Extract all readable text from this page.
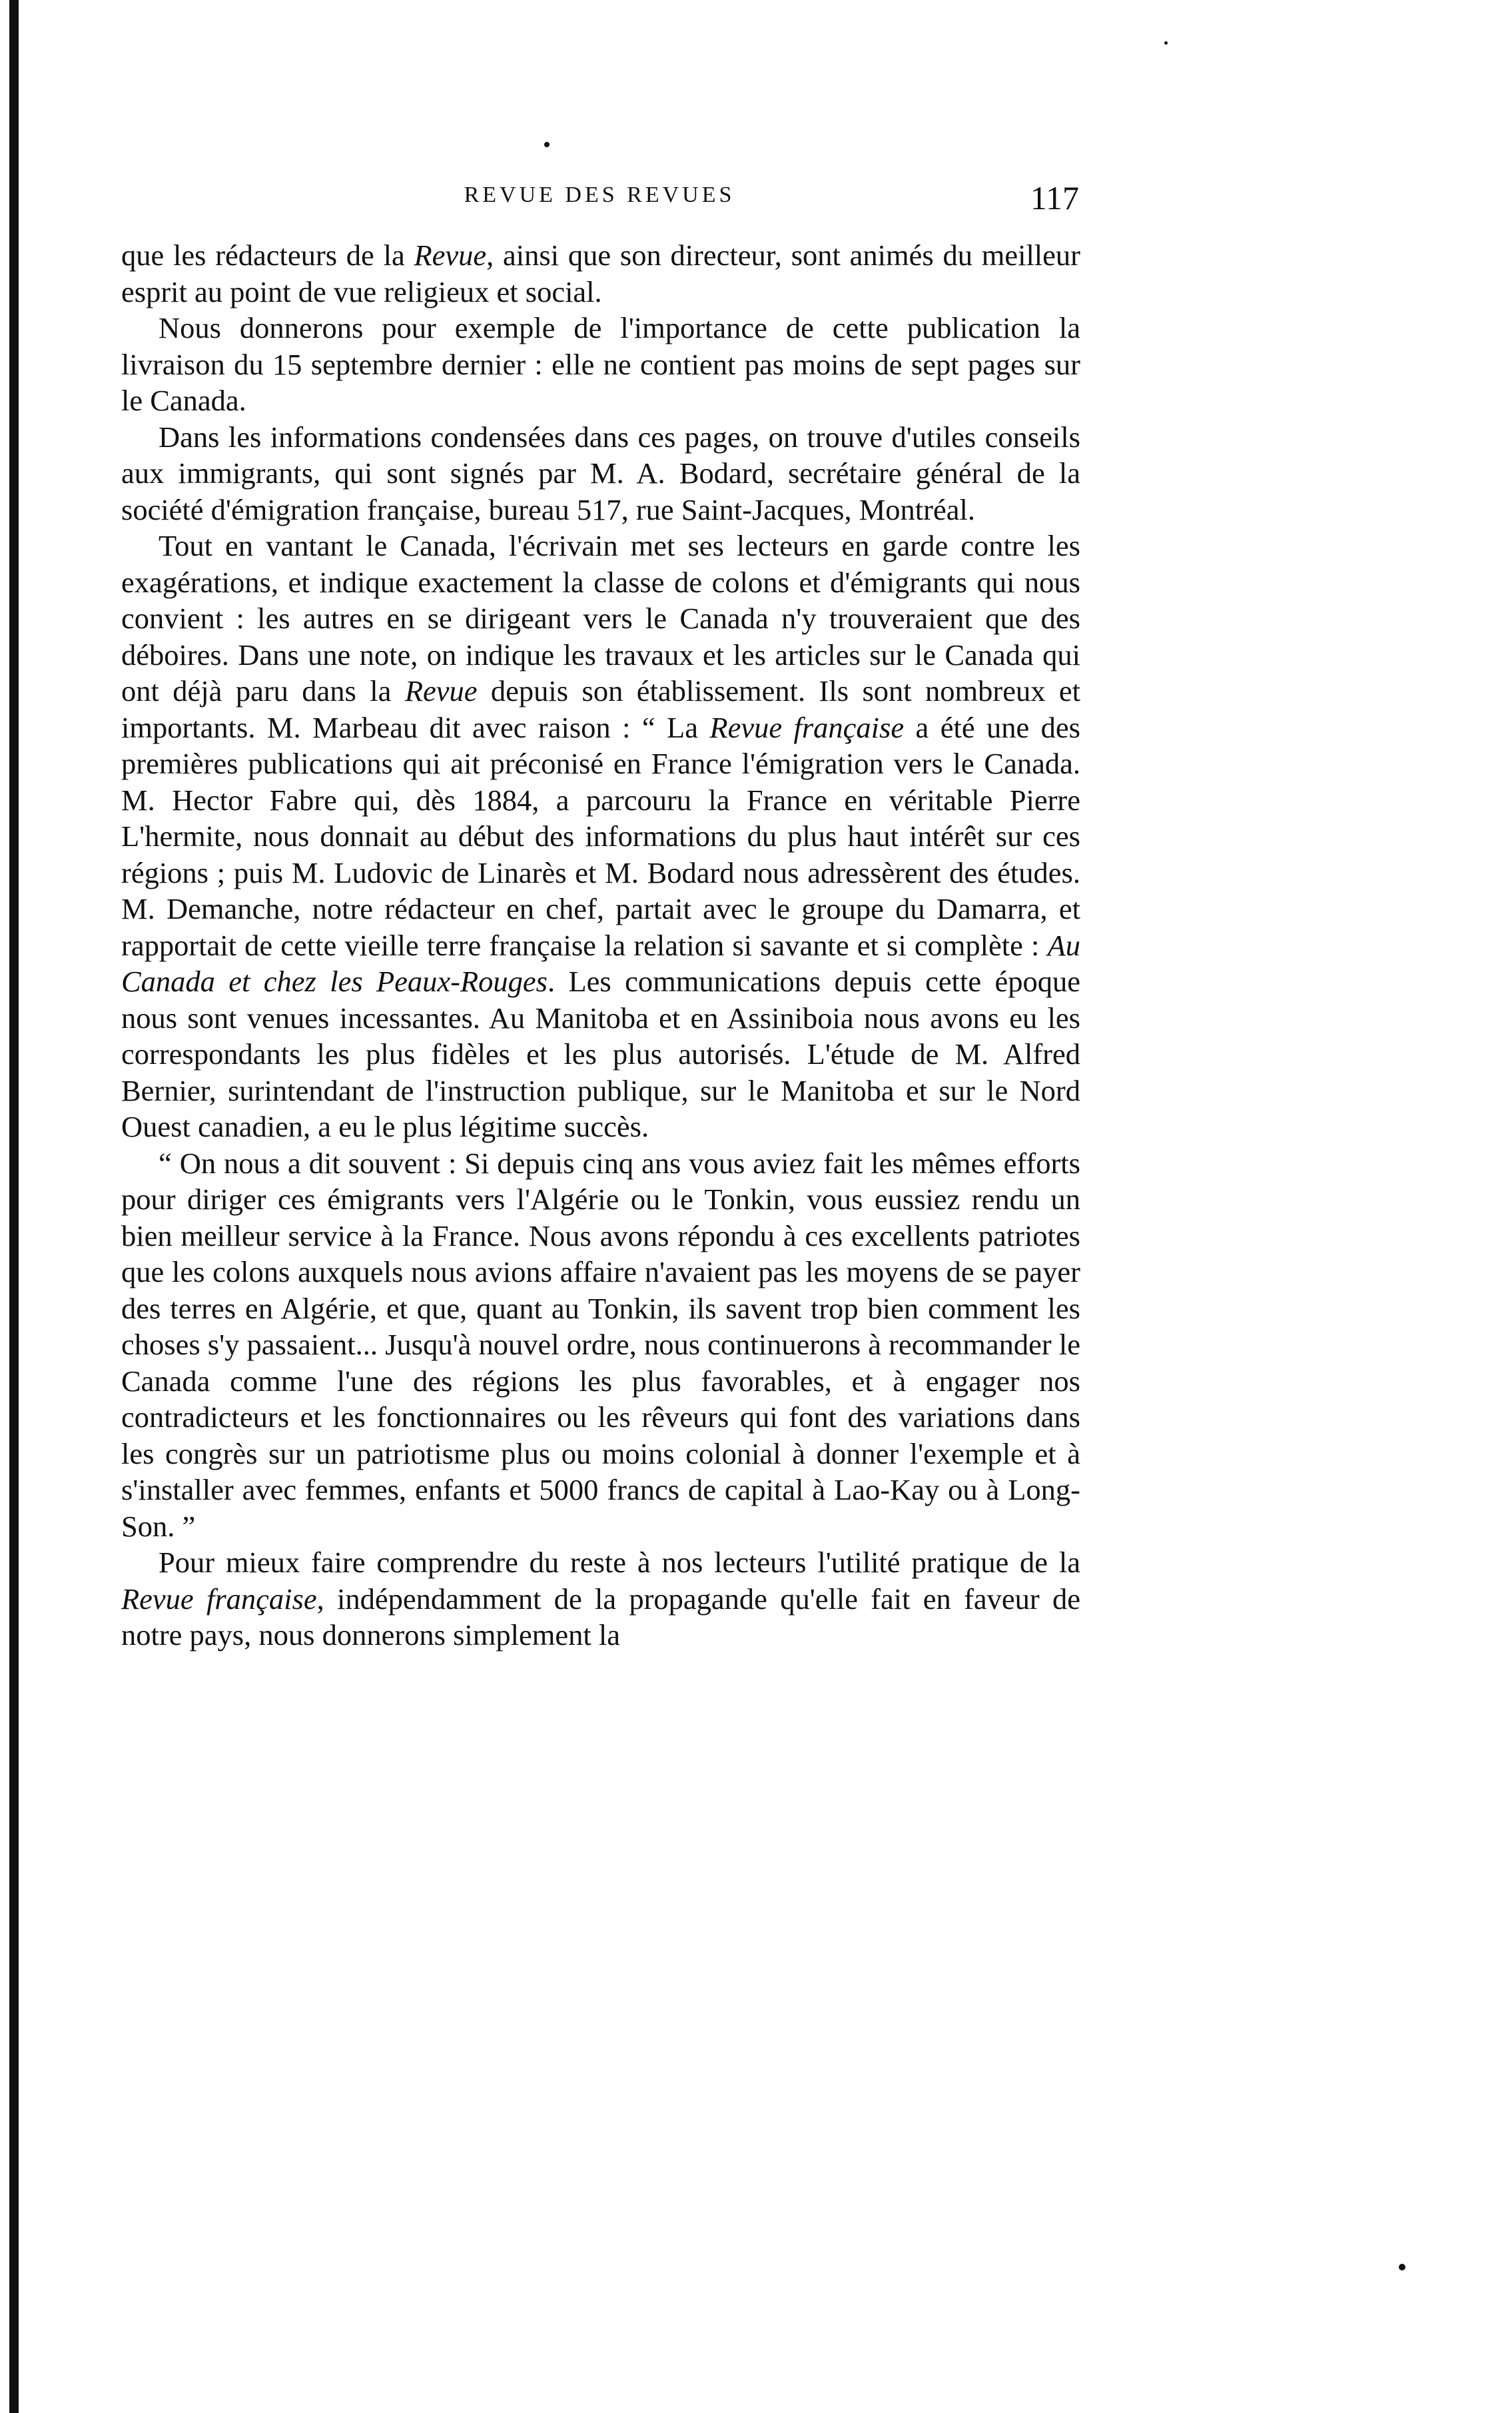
REVUE DES REVUES	117

que les rédacteurs de la Revue, ainsi que son directeur, sont animés du meilleur esprit au point de vue religieux et social.

Nous donnerons pour exemple de l'importance de cette publication la livraison du 15 septembre dernier : elle ne contient pas moins de sept pages sur le Canada.

Dans les informations condensées dans ces pages, on trouve d'utiles conseils aux immigrants, qui sont signés par M. A. Bodard, secrétaire général de la société d'émigration française, bureau 517, rue Saint-Jacques, Montréal.

Tout en vantant le Canada, l'écrivain met ses lecteurs en garde contre les exagérations, et indique exactement la classe de colons et d'émigrants qui nous convient : les autres en se dirigeant vers le Canada n'y trouveraient que des déboires. Dans une note, on indique les travaux et les articles sur le Canada qui ont déjà paru dans la Revue depuis son établissement. Ils sont nombreux et importants. M. Marbeau dit avec raison : “ La Revue française a été une des premières publications qui ait préconisé en France l'émigration vers le Canada. M. Hector Fabre qui, dès 1884, a parcouru la France en véritable Pierre L'hermite, nous donnait au début des informations du plus haut intérêt sur ces régions ; puis M. Ludovic de Linarès et M. Bodard nous adressèrent des études. M. Demanche, notre rédacteur en chef, partait avec le groupe du Damarra, et rapportait de cette vieille terre française la relation si savante et si complète : Au Canada et chez les Peaux-Rouges. Les communications depuis cette époque nous sont venues incessantes. Au Manitoba et en Assiniboia nous avons eu les correspondants les plus fidèles et les plus autorisés. L'étude de M. Alfred Bernier, surintendant de l'instruction publique, sur le Manitoba et sur le Nord Ouest canadien, a eu le plus légitime succès.

“ On nous a dit souvent : Si depuis cinq ans vous aviez fait les mêmes efforts pour diriger ces émigrants vers l'Algérie ou le Tonkin, vous eussiez rendu un bien meilleur service à la France. Nous avons répondu à ces excellents patriotes que les colons auxquels nous avions affaire n'avaient pas les moyens de se payer des terres en Algérie, et que, quant au Tonkin, ils savent trop bien comment les choses s'y passaient... Jusqu'à nouvel ordre, nous continuerons à recommander le Canada comme l'une des régions les plus favorables, et à engager nos contradicteurs et les fonctionnaires ou les rêveurs qui font des variations dans les congrès sur un patriotisme plus ou moins colonial à donner l'exemple et à s'installer avec femmes, enfants et 5000 francs de capital à Lao-Kay ou à Long-Son. ”

Pour mieux faire comprendre du reste à nos lecteurs l'utilité pratique de la Revue française, indépendamment de la propagande qu'elle fait en faveur de notre pays, nous donnerons simplement la
